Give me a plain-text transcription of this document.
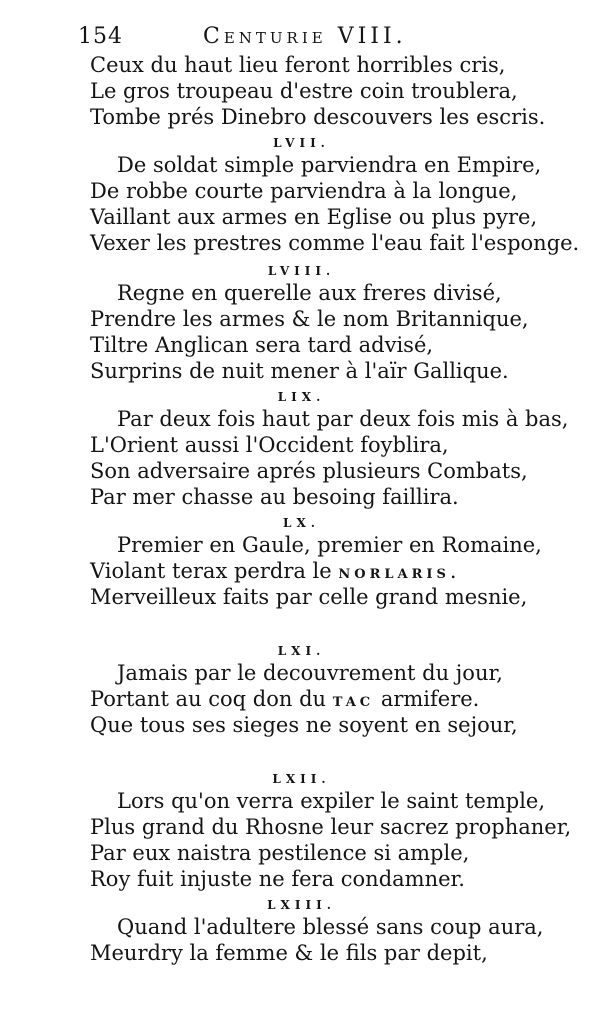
154	Centurie VIII.
Ceux du haut lieu feront horribles cris,
Le gros troupeau d'estre coin troublera,
Tombe prés Dinebro descouvers les escris.
LVII.
De soldat simple parviendra en Empire,
De robbe courte parviendra à la longue,
Vaillant aux armes en Eglise ou plus pyre,
Vexer les prestres comme l'eau fait l'esponge.
LVIII.
Regne en querelle aux freres divisé,
Prendre les armes & le nom Britannique,
Tiltre Anglican sera tard advisé,
Surprins de nuit mener à l'aïr Gallique.
LIX.
Par deux fois haut par deux fois mis à bas,
L'Orient aussi l'Occident foyblira,
Son adversaire aprés plusieurs Combats,
Par mer chasse au besoing faillira.
LX.
Premier en Gaule, premier en Romaine,
Violant terax perdra le NORLARIS.
Merveilleux faits par celle grand mesnie,
LXI.
Jamais par le decouvrement du jour,
Portant au coq don du TAC armifere.
Que tous ses sieges ne soyent en sejour,
LXII.
Lors qu'on verra expiler le saint temple,
Plus grand du Rhosne leur sacrez prophaner,
Par eux naistra pestilence si ample,
Roy fuit injuste ne fera condamner.
LXIII.
Quand l'adultere blessé sans coup aura,
Meurdry la femme & le fils par depit,
